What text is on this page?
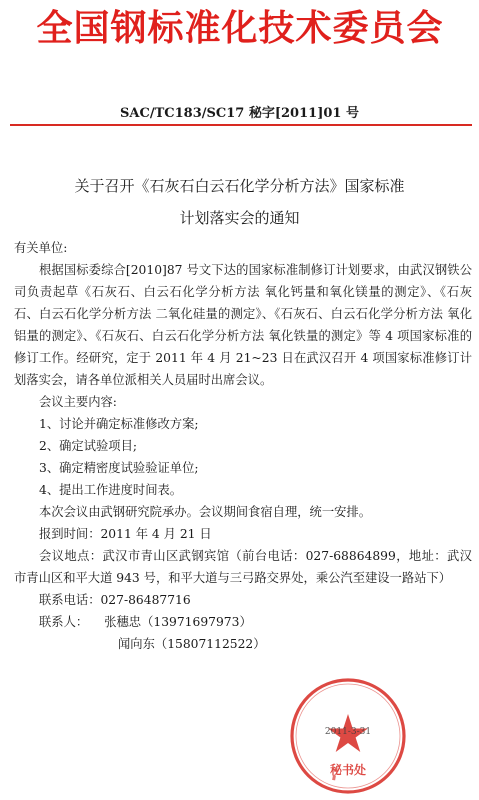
全国钢标准化技术委员会
SAC/TC183/SC17 秘字[2011]01 号
关于召开《石灰石白云石化学分析方法》国家标准
计划落实会的通知

有关单位:

根据国标委综合[2010]87 号文下达的国家标准制修订计划要求，由武汉钢铁公司负责起草《石灰石、白云石化学分析方法 氧化钙量和氧化镁量的测定》、《石灰石、白云石化学分析方法 二氧化硅量的测定》、《石灰石、白云石化学分析方法 氧化铝量的测定》、《石灰石、白云石化学分析方法 氧化铁量的测定》等 4 项国家标准的修订工作。经研究，定于 2011 年 4 月 21~23 日在武汉召开 4 项国家标准修订计划落实会，请各单位派相关人员届时出席会议。

会议主要内容:

1、讨论并确定标准修改方案;

2、确定试验项目;

3、确定精密度试验验证单位;

4、提出工作进度时间表。

本次会议由武钢研究院承办。会议期间食宿自理，统一安排。

报到时间：2011 年 4 月 21 日

会议地点：武汉市青山区武钢宾馆（前台电话：027-68864899，地址：武汉市青山区和平大道 943 号，和平大道与三弓路交界处，乘公汽至建设一路站下）

联系电话：027-86487716

联系人： 张穗忠（13971697973）

闻向东（15807112522）

2011-3-31
秘书处
